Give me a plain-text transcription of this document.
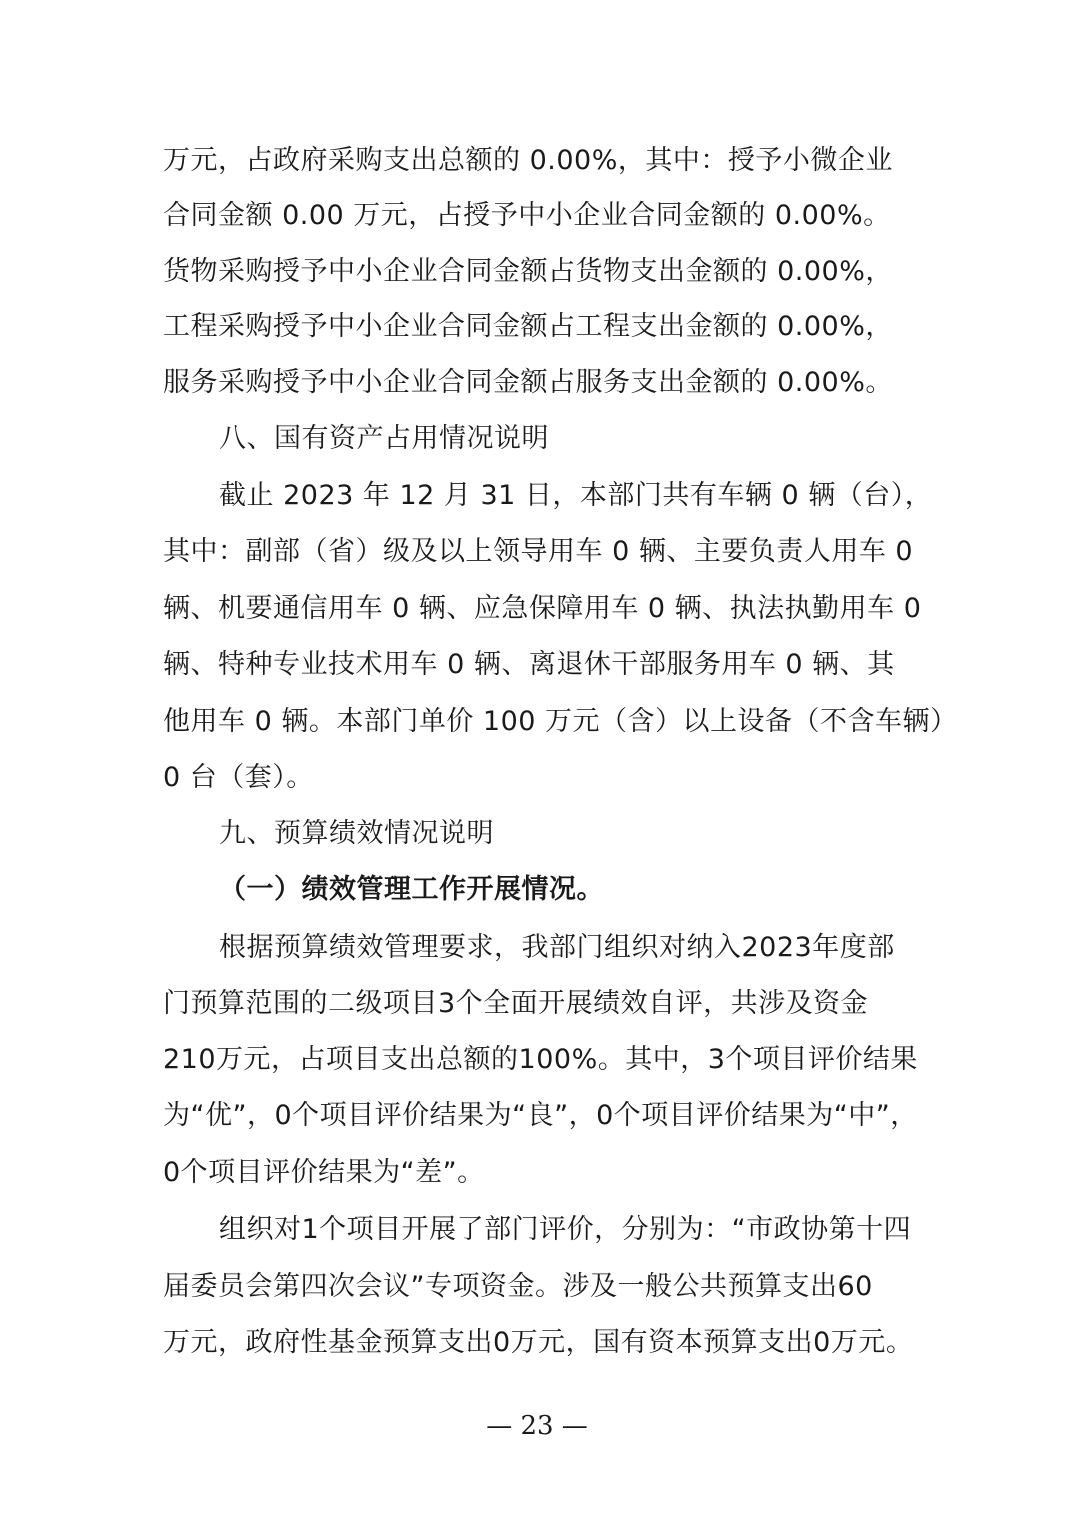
万元，占政府采购支出总额的 0.00%，其中：授予小微企业
合同金额 0.00 万元，占授予中小企业合同金额的 0.00%。
货物采购授予中小企业合同金额占货物支出金额的 0.00%，
工程采购授予中小企业合同金额占工程支出金额的 0.00%，
服务采购授予中小企业合同金额占服务支出金额的 0.00%。
八、国有资产占用情况说明
截止 2023 年 12 月 31 日，本部门共有车辆 0 辆（台），
其中：副部（省）级及以上领导用车 0 辆、主要负责人用车 0
辆、机要通信用车 0 辆、应急保障用车 0 辆、执法执勤用车 0
辆、特种专业技术用车 0 辆、离退休干部服务用车 0 辆、其
他用车 0 辆。本部门单价 100 万元（含）以上设备（不含车辆）
0 台（套）。
九、预算绩效情况说明
（一）绩效管理工作开展情况。
根据预算绩效管理要求，我部门组织对纳入2023年度部
门预算范围的二级项目3个全面开展绩效自评，共涉及资金
210万元，占项目支出总额的100%。其中，3个项目评价结果
为“优”，0个项目评价结果为“良”，0个项目评价结果为“中”，
0个项目评价结果为“差”。
组织对1个项目开展了部门评价，分别为：“市政协第十四
届委员会第四次会议”专项资金。涉及一般公共预算支出60
万元，政府性基金预算支出0万元，国有资本预算支出0万元。
— 23 —
